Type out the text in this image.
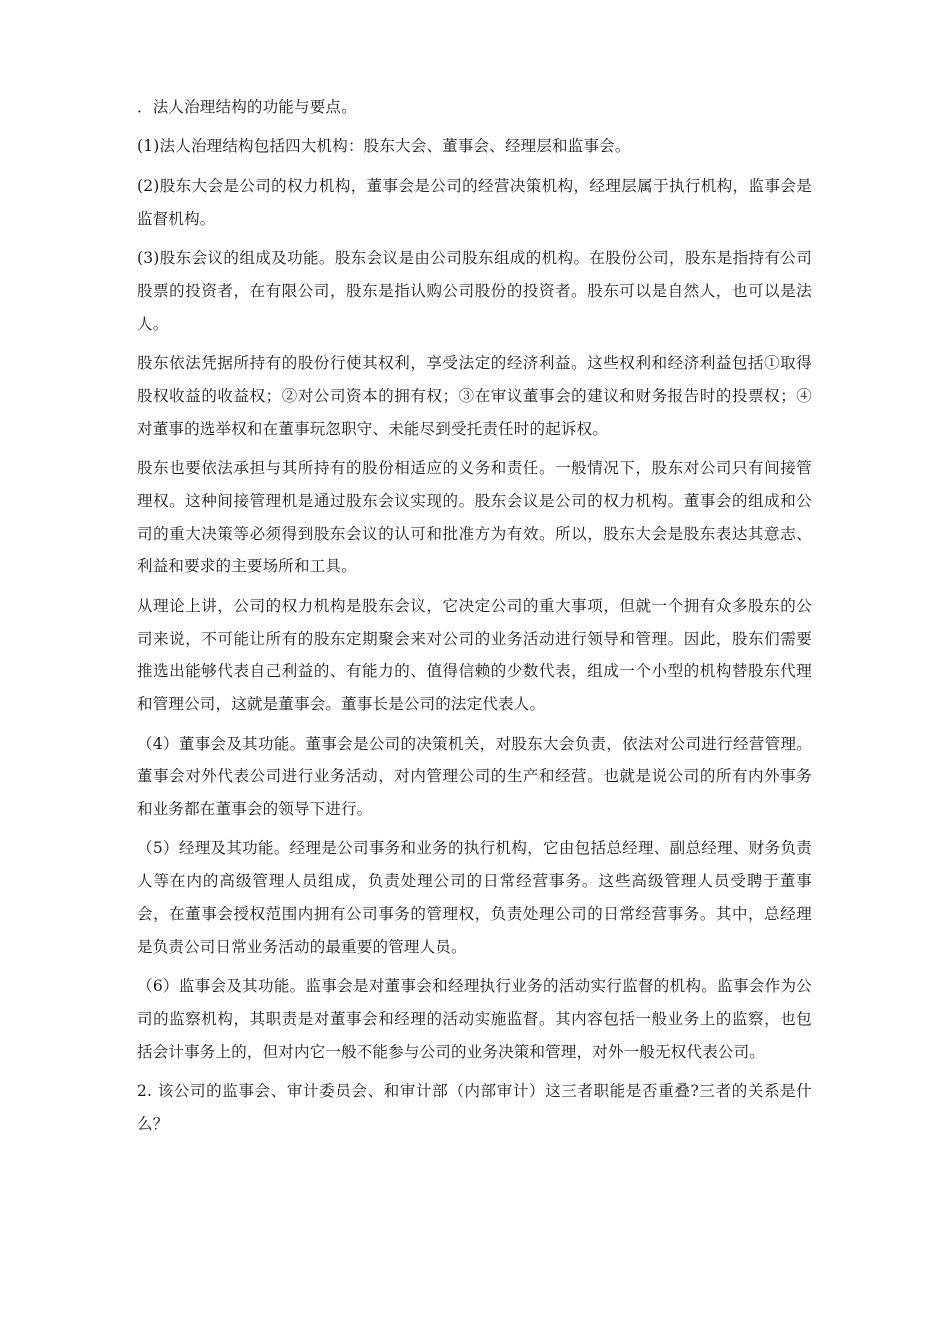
．法人治理结构的功能与要点。

(1)法人治理结构包括四大机构：股东大会、董事会、经理层和监事会。

(2)股东大会是公司的权力机构，董事会是公司的经营决策机构，经理层属于执行机构，监事会是监督机构。

(3)股东会议的组成及功能。股东会议是由公司股东组成的机构。在股份公司，股东是指持有公司股票的投资者，在有限公司，股东是指认购公司股份的投资者。股东可以是自然人，也可以是法人。

股东依法凭据所持有的股份行使其权利，享受法定的经济利益。这些权利和经济利益包括①取得股权收益的收益权；②对公司资本的拥有权；③在审议董事会的建议和财务报告时的投票权；④对董事的选举权和在董事玩忽职守、未能尽到受托责任时的起诉权。

股东也要依法承担与其所持有的股份相适应的义务和责任。一般情况下，股东对公司只有间接管理权。这种间接管理机是通过股东会议实现的。股东会议是公司的权力机构。董事会的组成和公司的重大决策等必须得到股东会议的认可和批准方为有效。所以，股东大会是股东表达其意志、利益和要求的主要场所和工具。

从理论上讲，公司的权力机构是股东会议，它决定公司的重大事项，但就一个拥有众多股东的公司来说，不可能让所有的股东定期聚会来对公司的业务活动进行领导和管理。因此，股东们需要推选出能够代表自己利益的、有能力的、值得信赖的少数代表，组成一个小型的机构替股东代理和管理公司，这就是董事会。董事长是公司的法定代表人。

（4）董事会及其功能。董事会是公司的决策机关，对股东大会负责，依法对公司进行经营管理。董事会对外代表公司进行业务活动，对内管理公司的生产和经营。也就是说公司的所有内外事务和业务都在董事会的领导下进行。

（5）经理及其功能。经理是公司事务和业务的执行机构，它由包括总经理、副总经理、财务负责人等在内的高级管理人员组成，负责处理公司的日常经营事务。这些高级管理人员受聘于董事会，在董事会授权范围内拥有公司事务的管理权，负责处理公司的日常经营事务。其中，总经理是负责公司日常业务活动的最重要的管理人员。

（6）监事会及其功能。监事会是对董事会和经理执行业务的活动实行监督的机构。监事会作为公司的监察机构，其职责是对董事会和经理的活动实施监督。其内容包括一般业务上的监察，也包括会计事务上的，但对内它一般不能参与公司的业务决策和管理，对外一般无权代表公司。

2. 该公司的监事会、审计委员会、和审计部（内部审计）这三者职能是否重叠?三者的关系是什么？
